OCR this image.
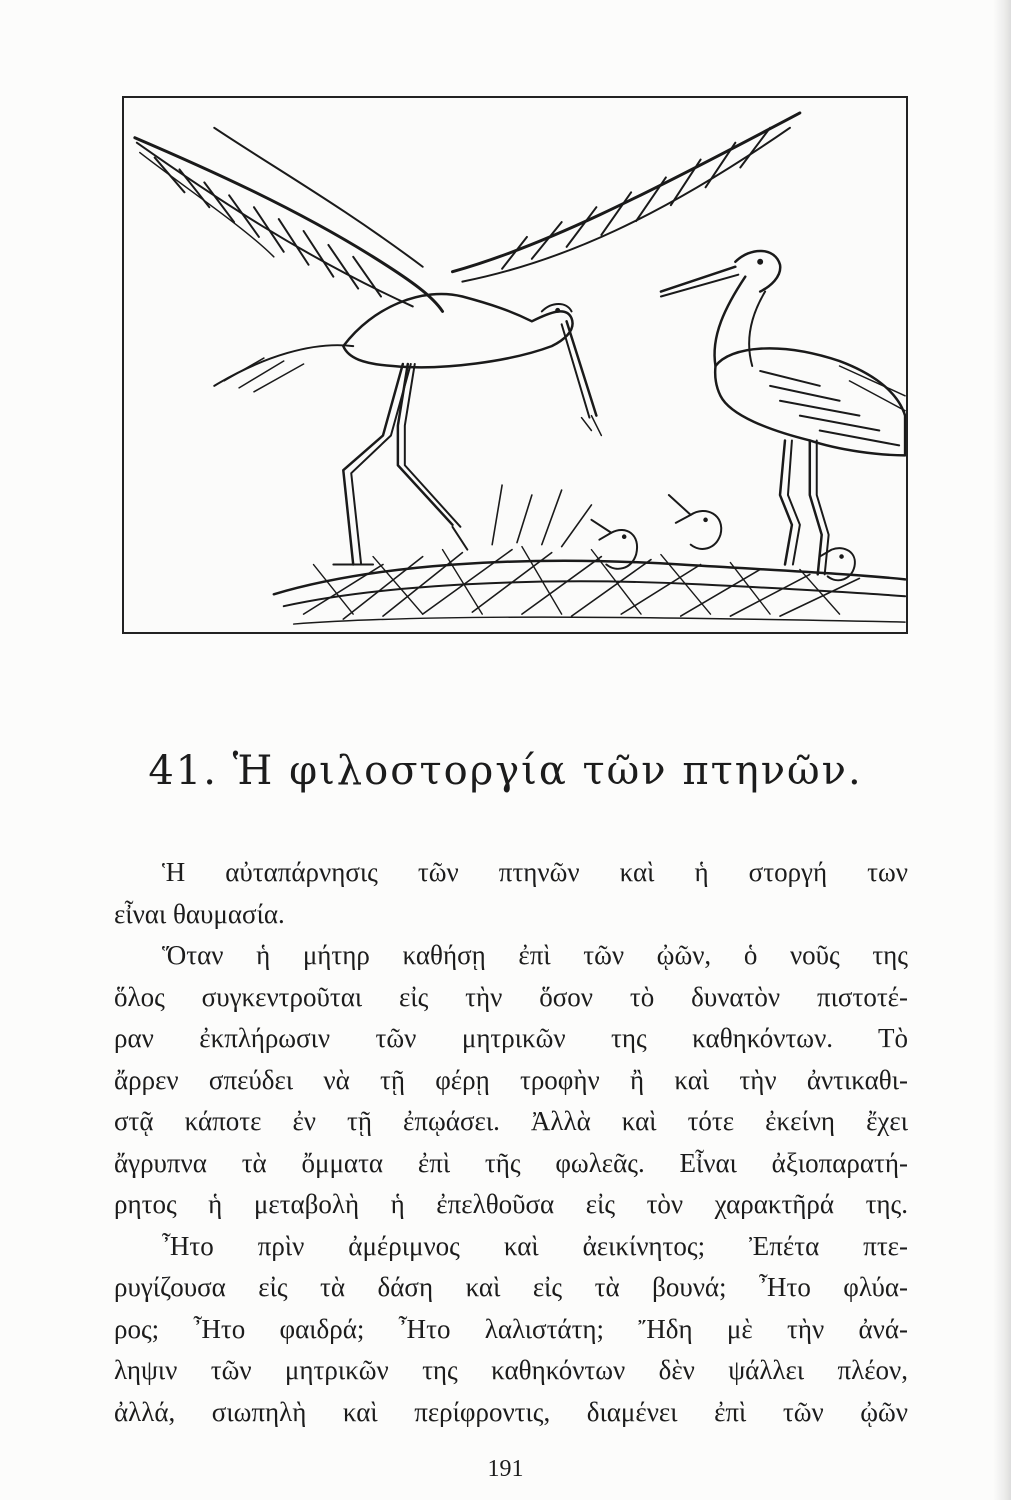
41. Ἡ φιλοστοργία τῶν πτηνῶν.
Ἡ αὐταπάρνησις τῶν πτηνῶν καὶ ἡ στοργή των
εἶναι θαυμασία.
Ὅταν ἡ μήτηρ καθήσῃ ἐπὶ τῶν ᾠῶν, ὁ νοῦς της
ὅλος συγκεντροῦται εἰς τὴν ὅσον τὸ δυνατὸν πιστοτέ-
ραν ἐκπλήρωσιν τῶν μητρικῶν της καθηκόντων. Τὸ
ἄρρεν σπεύδει νὰ τῇ φέρῃ τροφὴν ἢ καὶ τὴν ἀντικαθι-
στᾷ κάποτε ἐν τῇ ἐπῳάσει. Ἀλλὰ καὶ τότε ἐκείνη ἔχει
ἄγρυπνα τὰ ὄμματα ἐπὶ τῆς φωλεᾶς. Εἶναι ἀξιοπαρατή-
ρητος ἡ μεταβολὴ ἡ ἐπελθοῦσα εἰς τὸν χαρακτῆρά της.
Ἦτο πρὶν ἀμέριμνος καὶ ἀεικίνητος; Ἐπέτα πτε-
ρυγίζουσα εἰς τὰ δάση καὶ εἰς τὰ βουνά; Ἦτο φλύα-
ρος; Ἦτο φαιδρά; Ἦτο λαλιστάτη; Ἤδη μὲ τὴν ἀνά-
ληψιν τῶν μητρικῶν της καθηκόντων δὲν ψάλλει πλέον,
ἀλλά, σιωπηλὴ καὶ περίφροντις, διαμένει ἐπὶ τῶν ᾠῶν
191
